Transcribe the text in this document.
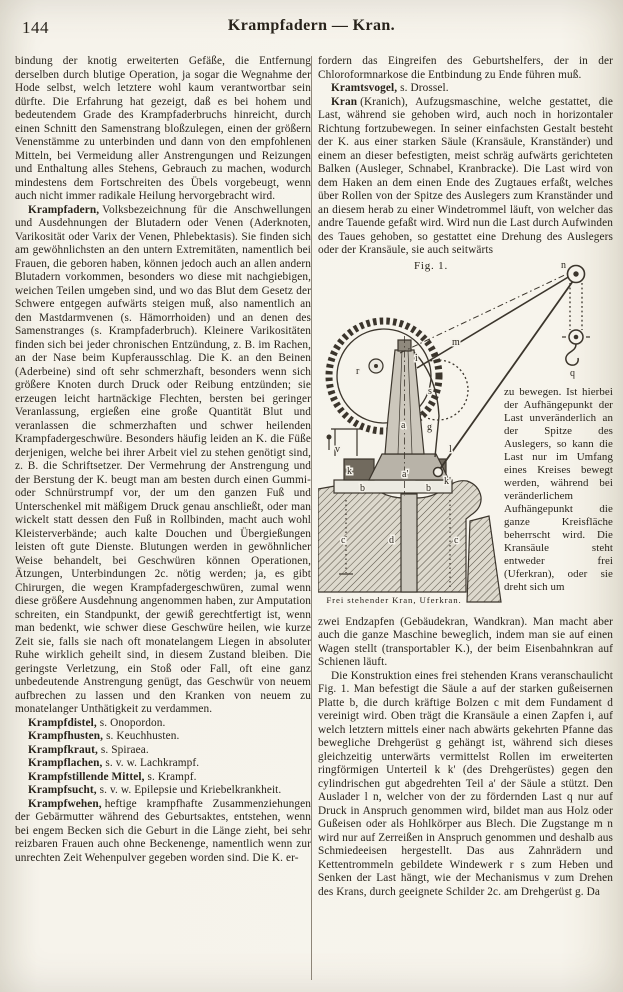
144	Krampfadern — Kran.

bindung der knotig erweiterten Gefäße, die Entfernung derselben durch blutige Operation, ja sogar die Wegnahme der Hode selbst, welch letztere wohl kaum verantwortbar sein dürfte. Die Erfahrung hat gezeigt, daß es bei hohem und bedeutendem Grade des Krampfaderbruchs hinreicht, durch einen Schnitt den Samenstrang bloßzulegen, einen der größern Venenstämme zu unterbinden und dann von den empfohlenen Mitteln, bei Vermeidung aller Anstrengungen und Reizungen und Enthaltung alles Stehens, Gebrauch zu machen, wodurch mindestens dem Fortschreiten des Übels vorgebeugt, wenn auch nicht immer radikale Heilung hervorgebracht wird.

Krampfadern, Volksbezeichnung für die Anschwellungen und Ausdehnungen der Blutadern oder Venen (Aderknoten, Varikosität oder Varix der Venen, Phlebektasis). Sie finden sich am gewöhnlichsten an den untern Extremitäten, namentlich bei Frauen, die geboren haben, können jedoch auch an allen andern Blutadern vorkommen, besonders wo diese mit nachgiebigen, weichen Teilen umgeben sind, und wo das Blut dem Gesetz der Schwere entgegen aufwärts steigen muß, also namentlich an den Mastdarmvenen (s. Hämorrhoiden) und an denen des Samenstranges (s. Krampfaderbruch). Kleinere Varikositäten finden sich bei jeder chronischen Entzündung, z. B. im Rachen, an der Nase beim Kupferausschlag. Die K. an den Beinen (Aderbeine) sind oft sehr schmerzhaft, besonders wenn sich größere Knoten durch Druck oder Reibung entzünden; sie erzeugen leicht hartnäckige Flechten, bersten bei geringer Veranlassung, ergießen eine große Quantität Blut und veranlassen die schmerzhaften und schwer heilenden Krampfadergeschwüre. Besonders häufig leiden an K. die Füße derjenigen, welche bei ihrer Arbeit viel zu stehen genötigt sind, z. B. die Schriftsetzer. Der Vermehrung der Anstrengung und der Berstung der K. beugt man am besten durch einen Gummi- oder Schnürstrumpf vor, der um den ganzen Fuß und Unterschenkel mit mäßigem Druck genau anschließt, oder man wickelt statt dessen den Fuß in Rollbinden, macht auch wohl Kleisterverbände; auch kalte Douchen und Übergießungen leisten oft gute Dienste. Blutungen werden in gewöhnlicher Weise behandelt, bei Geschwüren können Operationen, Ätzungen, Unterbindungen 2c. nötig werden; ja, es gibt Chirurgen, die wegen Krampfadergeschwüren, zumal wenn diese größere Ausdehnung angenommen haben, zur Amputation schreiten, ein Standpunkt, der gewiß gerechtfertigt ist, wenn man bedenkt, wie schwer diese Geschwüre heilen, wie kurze Zeit sie, falls sie nach oft monatelangem Liegen in absoluter Ruhe wirklich geheilt sind, in diesem Zustand bleiben. Die geringste Verletzung, ein Stoß oder Fall, oft eine ganz unbedeutende Anstrengung genügt, das Geschwür von neuem aufbrechen zu lassen und den Kranken von neuem zu monatelanger Unthätigkeit zu verdammen.

Krampfdistel, s. Onopordon.

Krampfhusten, s. Keuchhusten.

Krampfkraut, s. Spiraea.

Krampflachen, s. v. w. Lachkrampf.

Krampfstillende Mittel, s. Krampf.

Krampfsucht, s. v. w. Epilepsie und Kriebelkrankheit.

Krampfwehen, heftige krampfhafte Zusammenziehungen der Gebärmutter während des Geburtsaktes, entstehen, wenn bei engem Becken sich die Geburt in die Länge zieht, bei sehr reizbaren Frauen auch ohne Beckenenge, namentlich wenn zur unrechten Zeit Wehenpulver gegeben worden sind. Die K. er-

fordern das Eingreifen des Geburtshelfers, der in der Chloroformnarkose die Entbindung zu Ende führen muß.

Kramtsvogel, s. Drossel.

Kran (Kranich), Aufzugsmaschine, welche gestattet, die Last, während sie gehoben wird, auch noch in horizontaler Richtung fortzubewegen. In seiner einfachsten Gestalt besteht der K. aus einer starken Säule (Kransäule, Kranständer) und einem an dieser befestigten, meist schräg aufwärts gerichteten Balken (Ausleger, Schnabel, Kranbracke). Die Last wird von dem Haken an dem einen Ende des Zugtaues erfaßt, welches über Rollen von der Spitze des Auslegers zum Kranständer und an diesem herab zu einer Windetrommel läuft, von welcher das andre Tauende gefaßt wird. Wird nun die Last durch Aufwinden des Taues gehoben, so gestattet eine Drehung des Auslegers oder der Kransäule, sie auch seitwärts

n
m
l
q
r
s
i
a g
v
k	a'
k'
b	b
c	d	c
Fig. 1.
zu bewegen. Ist hierbei der Aufhängepunkt der Last unveränderlich an der Spitze des Auslegers, so kann die Last nur im Umfang eines Kreises bewegt werden, während bei veränderlichem Aufhängepunkt die ganze Kreisfläche beherrscht wird. Die Kransäule steht entweder frei (Uferkran), oder sie dreht sich um
Frei stehender Kran, Uferkran.

zwei Endzapfen (Gebäudekran, Wandkran). Man macht aber auch die ganze Maschine beweglich, indem man sie auf einen Wagen stellt (transportabler K.), der beim Eisenbahnkran auf Schienen läuft.

Die Konstruktion eines frei stehenden Krans veranschaulicht Fig. 1. Man befestigt die Säule a auf der starken gußeisernen Platte b, die durch kräftige Bolzen c mit dem Fundament d vereinigt wird. Oben trägt die Kransäule a einen Zapfen i, auf welch letztern mittels einer nach abwärts gekehrten Pfanne das bewegliche Drehgerüst g gehängt ist, während sich dieses gleichzeitig unterwärts vermittelst Rollen im erweiterten ringförmigen Unterteil k k' (des Drehgerüstes) gegen den cylindrischen gut abgedrehten Teil a' der Säule a stützt. Den Auslader l n, welcher von der zu fördernden Last q nur auf Druck in Anspruch genommen wird, bildet man aus Holz oder Gußeisen oder als Hohlkörper aus Blech. Die Zugstange m n wird nur auf Zerreißen in Anspruch genommen und deshalb aus Schmiedeeisen hergestellt. Das aus Zahnrädern und Kettentrommeln gebildete Windewerk r s zum Heben und Senken der Last hängt, wie der Mechanismus v zum Drehen des Krans, durch geeignete Schilder 2c. am Drehgerüst g. Da
